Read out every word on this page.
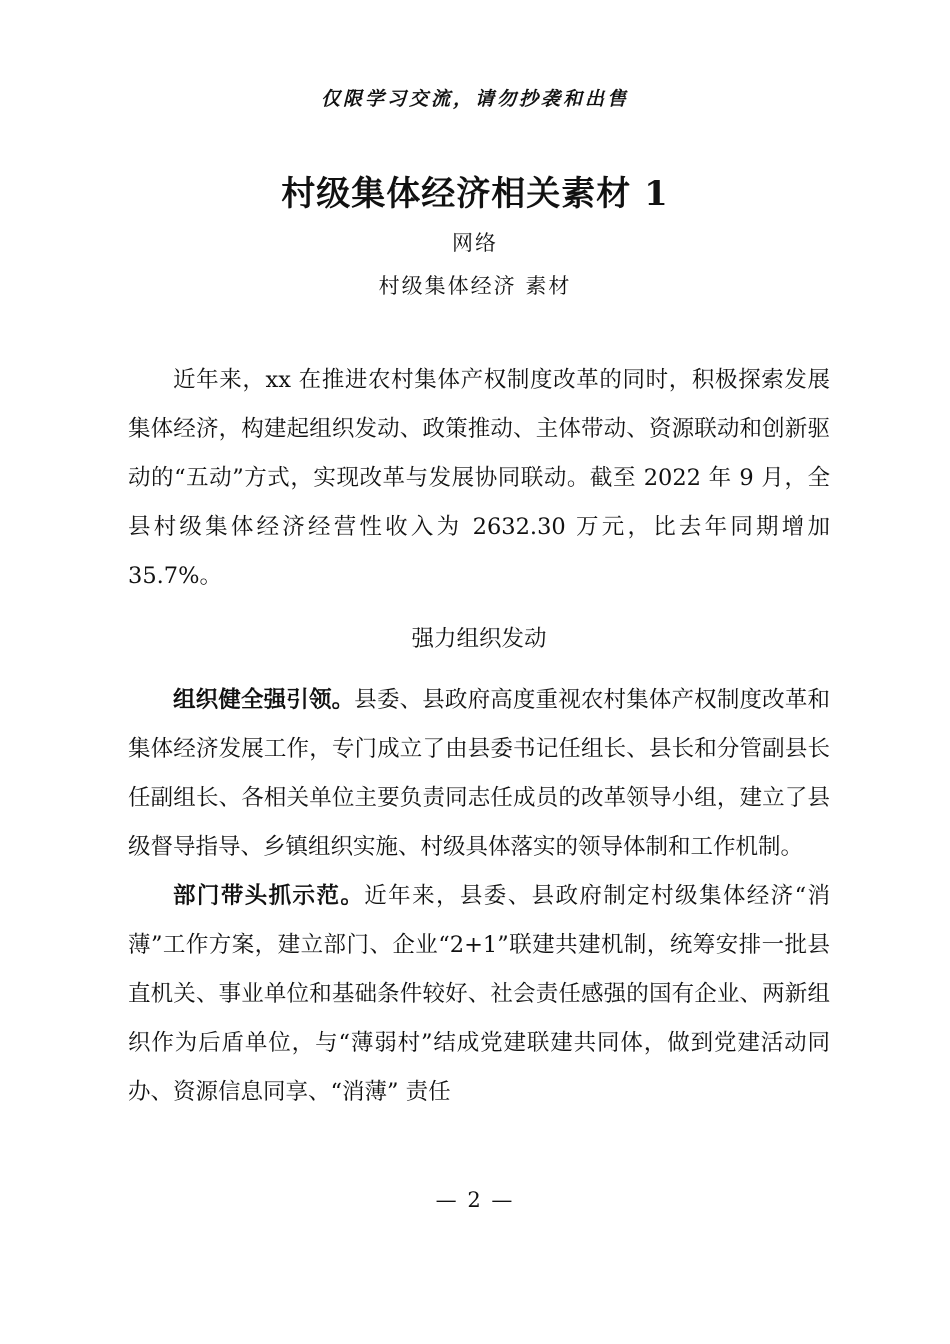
仅限学习交流，请勿抄袭和出售
村级集体经济相关素材 1
网络
村级集体经济 素材

近年来，xx 在推进农村集体产权制度改革的同时，积极探索发展集体经济，构建起组织发动、政策推动、主体带动、资源联动和创新驱动的“五动”方式，实现改革与发展协同联动。截至 2022 年 9 月，全县村级集体经济经营性收入为 2632.30 万元，比去年同期增加 35.7%。

强力组织发动

组织健全强引领。县委、县政府高度重视农村集体产权制度改革和集体经济发展工作，专门成立了由县委书记任组长、县长和分管副县长任副组长、各相关单位主要负责同志任成员的改革领导小组，建立了县级督导指导、乡镇组织实施、村级具体落实的领导体制和工作机制。

部门带头抓示范。近年来，县委、县政府制定村级集体经济“消薄”工作方案，建立部门、企业“2+1”联建共建机制，统筹安排一批县直机关、事业单位和基础条件较好、社会责任感强的国有企业、两新组织作为后盾单位，与“薄弱村”结成党建联建共同体，做到党建活动同办、资源信息同享、“消薄” 责任

— 2 —
